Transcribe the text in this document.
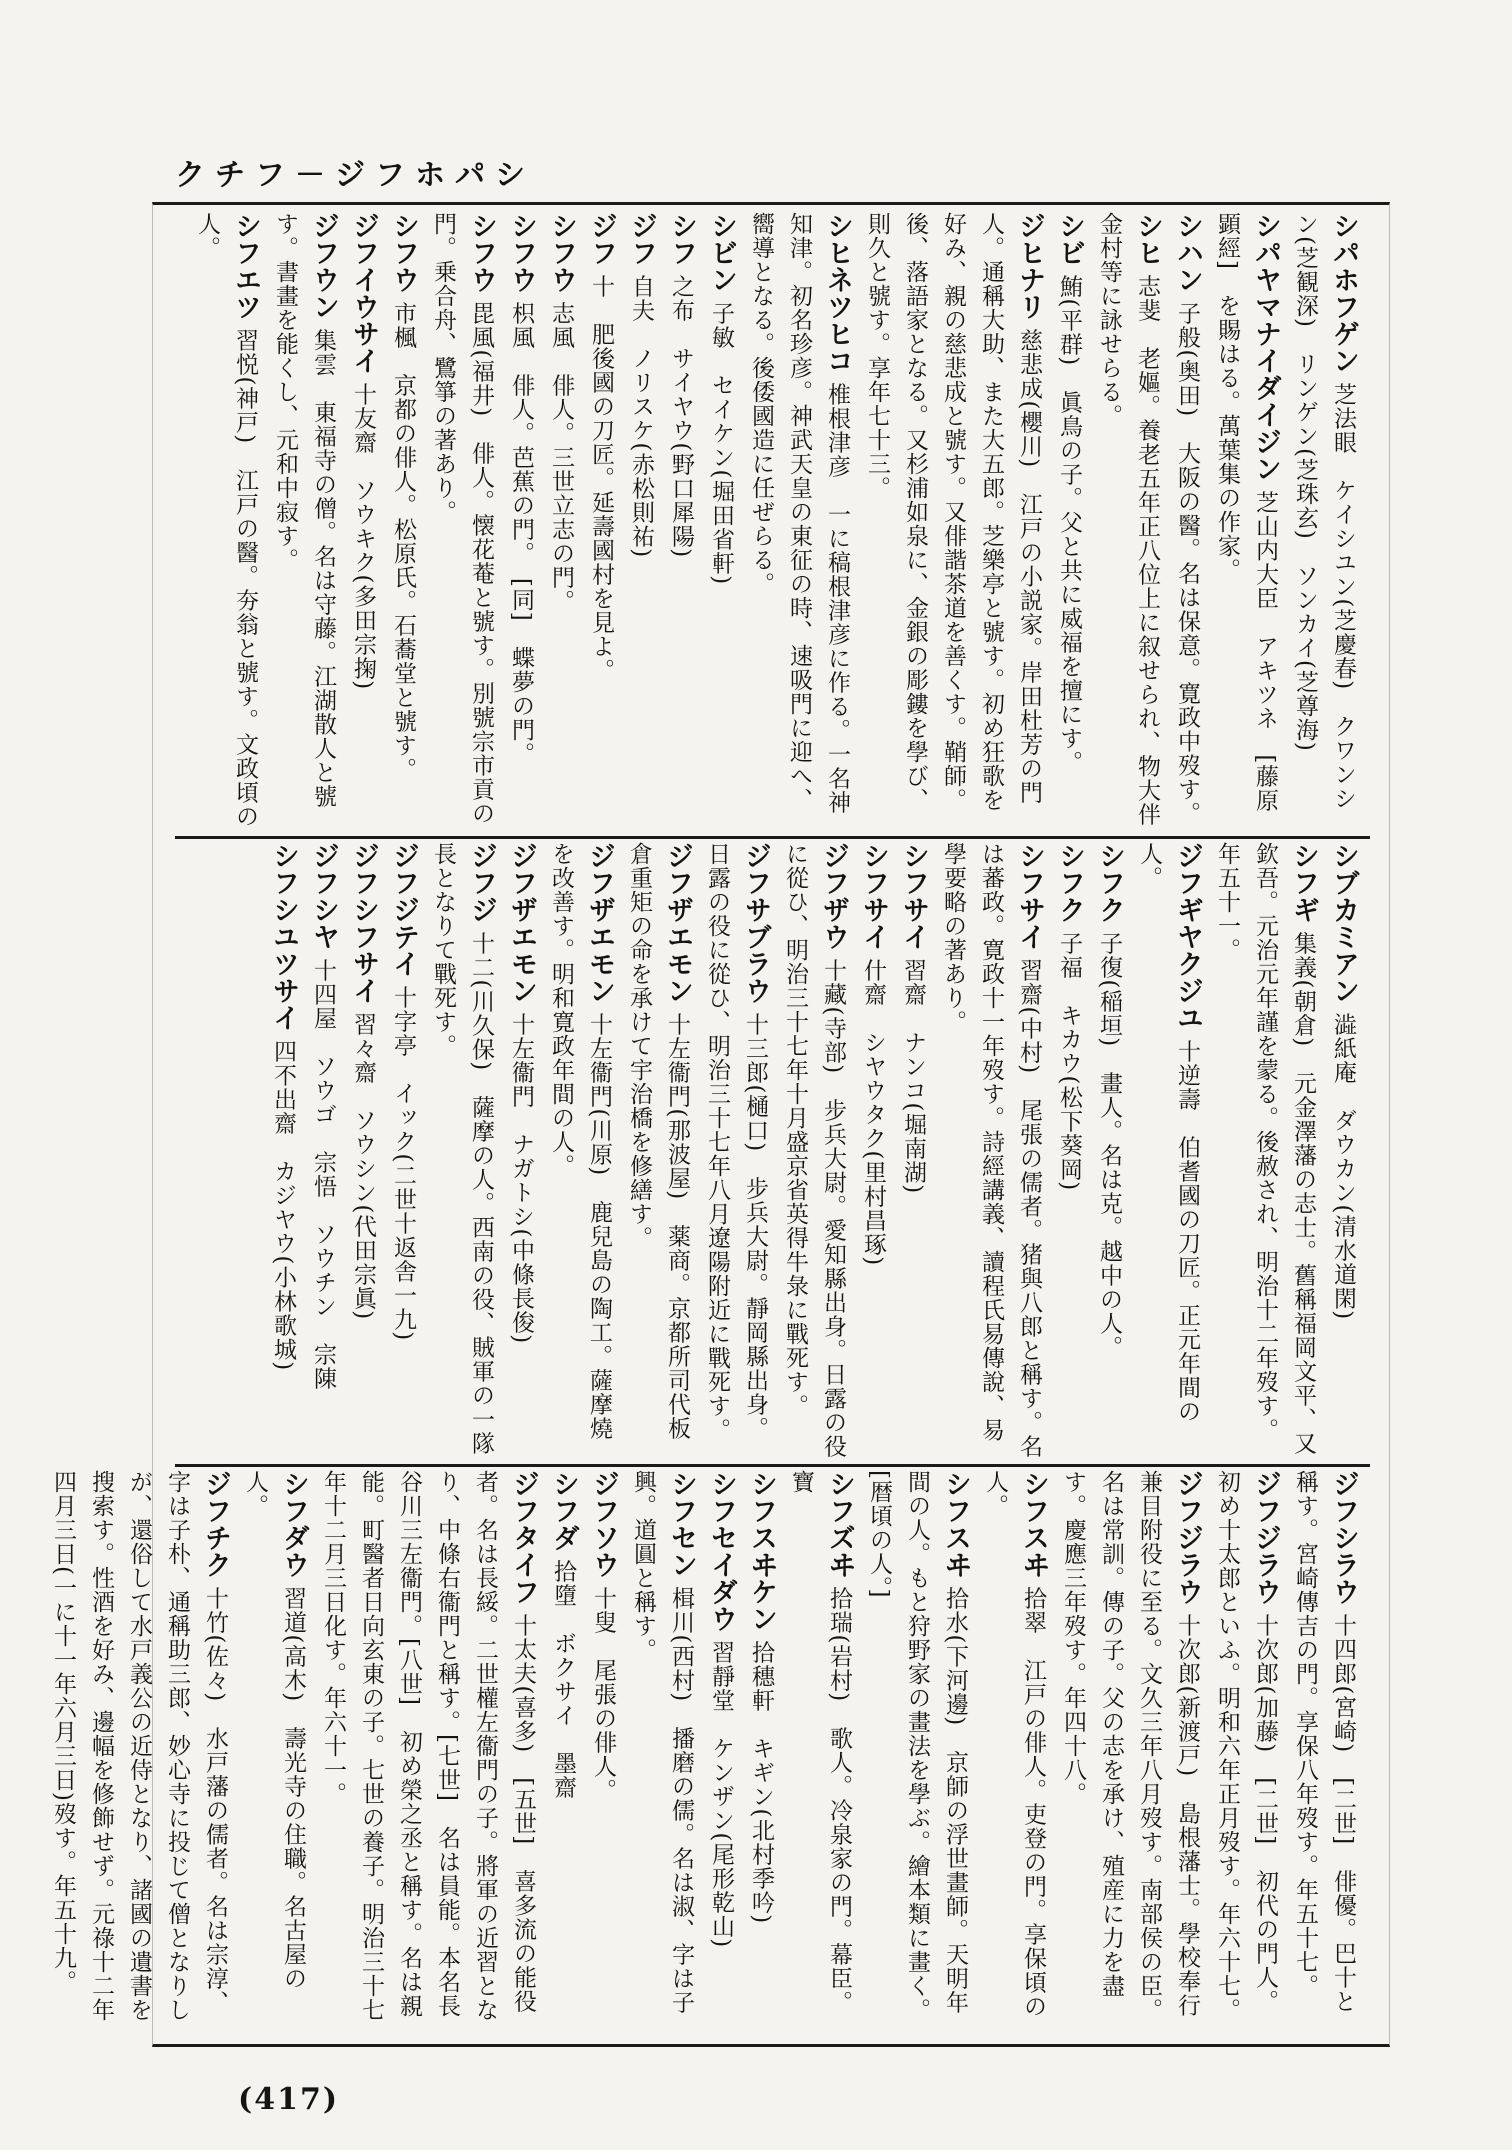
クチフ－ジフホパシ
シパホフゲン 芝法眼　ケイシユン(芝慶春)　クワンシン(芝観深)　リンゲン(芝珠玄)　ソンカイ(芝尊海)
シパヤマナイダイジン 芝山内大臣　アキツネ　[藤原顕經]　を賜はる。萬葉集の作家。
シハン 子般(奥田)　大阪の醫。名は保意。寛政中歿す。
シヒ 志斐　老嫗。養老五年正八位上に叙せられ、物大伴金村等に詠せらる。
シビ 鮪(平群)　眞鳥の子。父と共に威福を擅にす。
ジヒナリ 慈悲成(櫻川)　江戸の小説家。岸田杜芳の門人。通稱大助、また大五郎。芝樂亭と號す。初め狂歌を好み、親の慈悲成と號す。又俳諧茶道を善くす。鞘師。後、落語家となる。又杉浦如泉に、金銀の彫鏤を學び、則久と號す。享年七十三。
シヒネツヒコ 椎根津彦　一に稿根津彦に作る。一名神知津。初名珍彦。神武天皇の東征の時、速吸門に迎へ、嚮導となる。後倭國造に任ぜらる。
シビン 子敏　セイケン(堀田省軒)
シフ 之布　サイヤウ(野口犀陽)
ジフ 自夫　ノリスケ(赤松則祐)
ジフ 十　肥後國の刀匠。延壽國村を見よ。
シフウ 志風　俳人。三世立志の門。
シフウ 枳風　俳人。芭蕉の門。　[同]　蝶夢の門。
シフウ 毘風(福井)　俳人。懐花菴と號す。別號宗市貢の門。乗合舟、鷺箏の著あり。
シフウ 市楓　京都の俳人。松原氏。石蕎堂と號す。
ジフイウサイ 十友齋　ソウキク(多田宗掬)
ジフウン 集雲　東福寺の僧。名は守藤。江湖散人と號す。書畫を能くし、元和中寂す。
シフエツ 習悦(神戸)　江戸の醫。夯翁と號す。文政頃の人。
シブカミアン 澁紙庵　ダウカン(清水道閑)
シフギ 集義(朝倉)　元金澤藩の志士。舊稱福岡文平、又欽吾。元治元年謹を蒙る。後赦され、明治十二年歿す。年五十一。
ジフギヤクジユ 十逆壽　伯耆國の刀匠。正元年間の人。
シフク 子復(稲垣)　畫人。名は克。越中の人。
シフク 子福　キカウ(松下葵岡)
シフサイ 習齋(中村)　尾張の儒者。猪與八郎と稱す。名は蕃政。寛政十一年歿す。詩經講義、讀程氏易傳說、易學要略の著あり。
シフサイ 習齋　ナンコ(堀南湖)
シフサイ 什齋　シヤウタク(里村昌琢)
ジフザウ 十藏(寺部)　步兵大尉。愛知縣出身。日露の役に從ひ、明治三十七年十月盛京省英得牛彔に戰死す。
ジフサブラウ 十三郎(樋口)　步兵大尉。靜岡縣出身。日露の役に從ひ、明治三十七年八月遼陽附近に戰死す。
ジフザエモン 十左衞門(那波屋)　薬商。京都所司代板倉重矩の命を承けて宇治橋を修繕す。
ジフザエモン 十左衞門(川原)　鹿兒島の陶工。薩摩燒を改善す。明和寛政年間の人。
ジフザエモン 十左衞門　ナガトシ(中條長俊)
ジフジ 十二(川久保)　薩摩の人。西南の役、賊軍の一隊長となりて戰死す。
ジフジテイ 十字亭　イック(二世十返舎一九)
ジフシフサイ 習々齋　ソウシン(代田宗眞)
ジフシヤ 十四屋　ソウゴ　宗悟　ソウチン　宗陳
シフシユツサイ 四不出齋　カジヤウ(小林歌城)
ジフシラウ 十四郎(宮崎)　[二世]　俳優。巴十と稱す。宮崎傳吉の門。享保八年歿す。年五十七。
ジフジラウ 十次郎(加藤)　[二世]　初代の門人。初め十太郎といふ。明和六年正月歿す。年六十七。
ジフジラウ 十次郎(新渡戸)　島根藩士。學校奉行兼目附役に至る。文久三年八月歿す。南部侯の臣。名は常訓。傳の子。父の志を承け、殖産に力を盡す。慶應三年歿す。年四十八。
シフスヰ 拾翠　江戸の俳人。吏登の門。享保頃の人。
シフスヰ 拾水(下河邊)　京師の浮世畫師。天明年間の人。もと狩野家の畫法を學ぶ。繪本類に畫く。[暦頃の人。]
シフズヰ 拾瑞(岩村)　歌人。冷泉家の門。幕臣。寶
シフスヰケン 拾穗軒　キギン(北村季吟)
シフセイダウ 習靜堂　ケンザン(尾形乾山)
シフセン 楫川(西村)　播磨の儒。名は淑、字は子興。道圓と稱す。
ジフソウ 十叟　尾張の俳人。
シフダ 拾墮　ボクサイ　墨齋
ジフタイフ 十太夫(喜多)　[五世]　喜多流の能役者。名は長綏。二世權左衞門の子。將軍の近習となり、中條右衞門と稱す。[七世]　名は員能。本名長谷川三左衞門。[八世]　初め榮之丞と稱す。名は親能。町醫者日向玄東の子。七世の養子。明治三十七年十二月三日化す。年六十一。
シフダウ 習道(高木)　壽光寺の住職。名古屋の人。
ジフチク 十竹(佐々)　水戸藩の儒者。名は宗淳、字は子朴、通稱助三郎、妙心寺に投じて僧となりしが、還俗して水戸義公の近侍となり、諸國の遺書を搜索す。性酒を好み、邊幅を修飾せず。元祿十二年四月三日(一に十一年六月三日)歿す。年五十九。
(417)
